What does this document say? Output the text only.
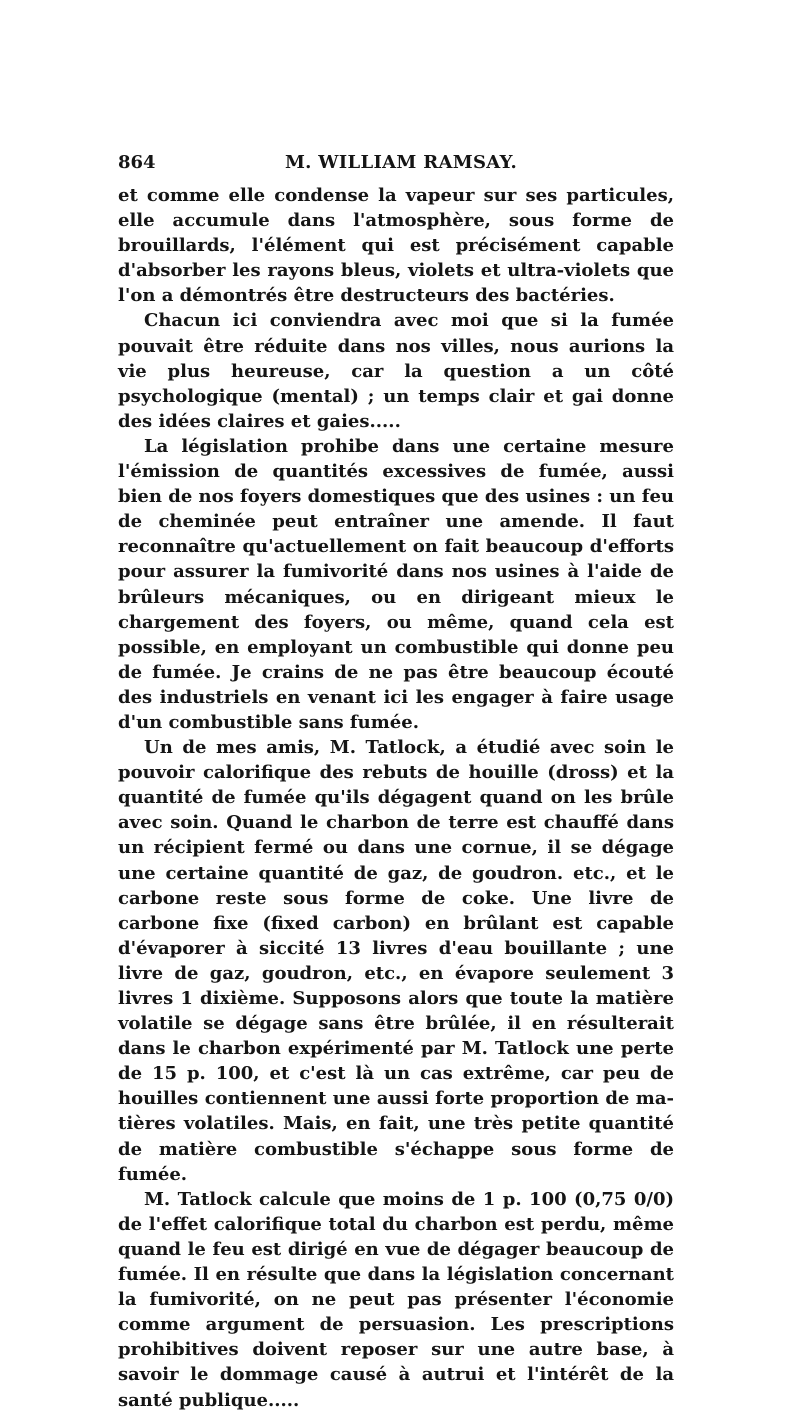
864	M. WILLIAM RAMSAY.

et comme elle condense la vapeur sur ses particules, elle accumule dans l'atmosphère, sous forme de brouillards, l'élément qui est précisément capable d'absorber les rayons bleus, violets et ultra-violets que l'on a démontrés être destructeurs des bactéries.

Chacun ici conviendra avec moi que si la fumée pouvait être réduite dans nos villes, nous aurions la vie plus heureuse, car la question a un côté psychologique (mental) ; un temps clair et gai donne des idées claires et gaies.....

La législation prohibe dans une certaine mesure l'émission de quantités excessives de fumée, aussi bien de nos foyers domestiques que des usines : un feu de cheminée peut entraîner une amende. Il faut reconnaître qu'actuellement on fait beaucoup d'efforts pour assurer la fumivorité dans nos usines à l'aide de brûleurs mécaniques, ou en dirigeant mieux le chargement des foyers, ou même, quand cela est possible, en employant un combustible qui donne peu de fumée. Je crains de ne pas être beaucoup écouté des industriels en venant ici les engager à faire usage d'un combustible sans fumée.

Un de mes amis, M. Tatlock, a étudié avec soin le pouvoir calorifique des rebuts de houille (dross) et la quantité de fumée qu'ils dégagent quand on les brûle avec soin. Quand le charbon de terre est chauffé dans un récipient fermé ou dans une cornue, il se dégage une certaine quantité de gaz, de goudron. etc., et le carbone reste sous forme de coke. Une livre de carbone fixe (fixed carbon) en brûlant est capable d'évaporer à siccité 13 livres d'eau bouillante ; une livre de gaz, goudron, etc., en évapore seulement 3 livres 1 dixième. Supposons alors que toute la matière volatile se dégage sans être brûlée, il en résulterait dans le charbon expérimenté par M. Tatlock une perte de 15 p. 100, et c'est là un cas extrême, car peu de houilles contiennent une aussi forte proportion de matières volatiles. Mais, en fait, une très petite quantité de matière combustible s'échappe sous forme de fumée.

M. Tatlock calcule que moins de 1 p. 100 (0,75 0/0) de l'effet calorifique total du charbon est perdu, même quand le feu est dirigé en vue de dégager beaucoup de fumée. Il en résulte que dans la législation concernant la fumivorité, on ne peut pas présenter l'économie comme argument de persuasion. Les prescriptions prohibitives doivent reposer sur une autre base, à savoir le dommage causé à autrui et l'intérêt de la santé publique.....
